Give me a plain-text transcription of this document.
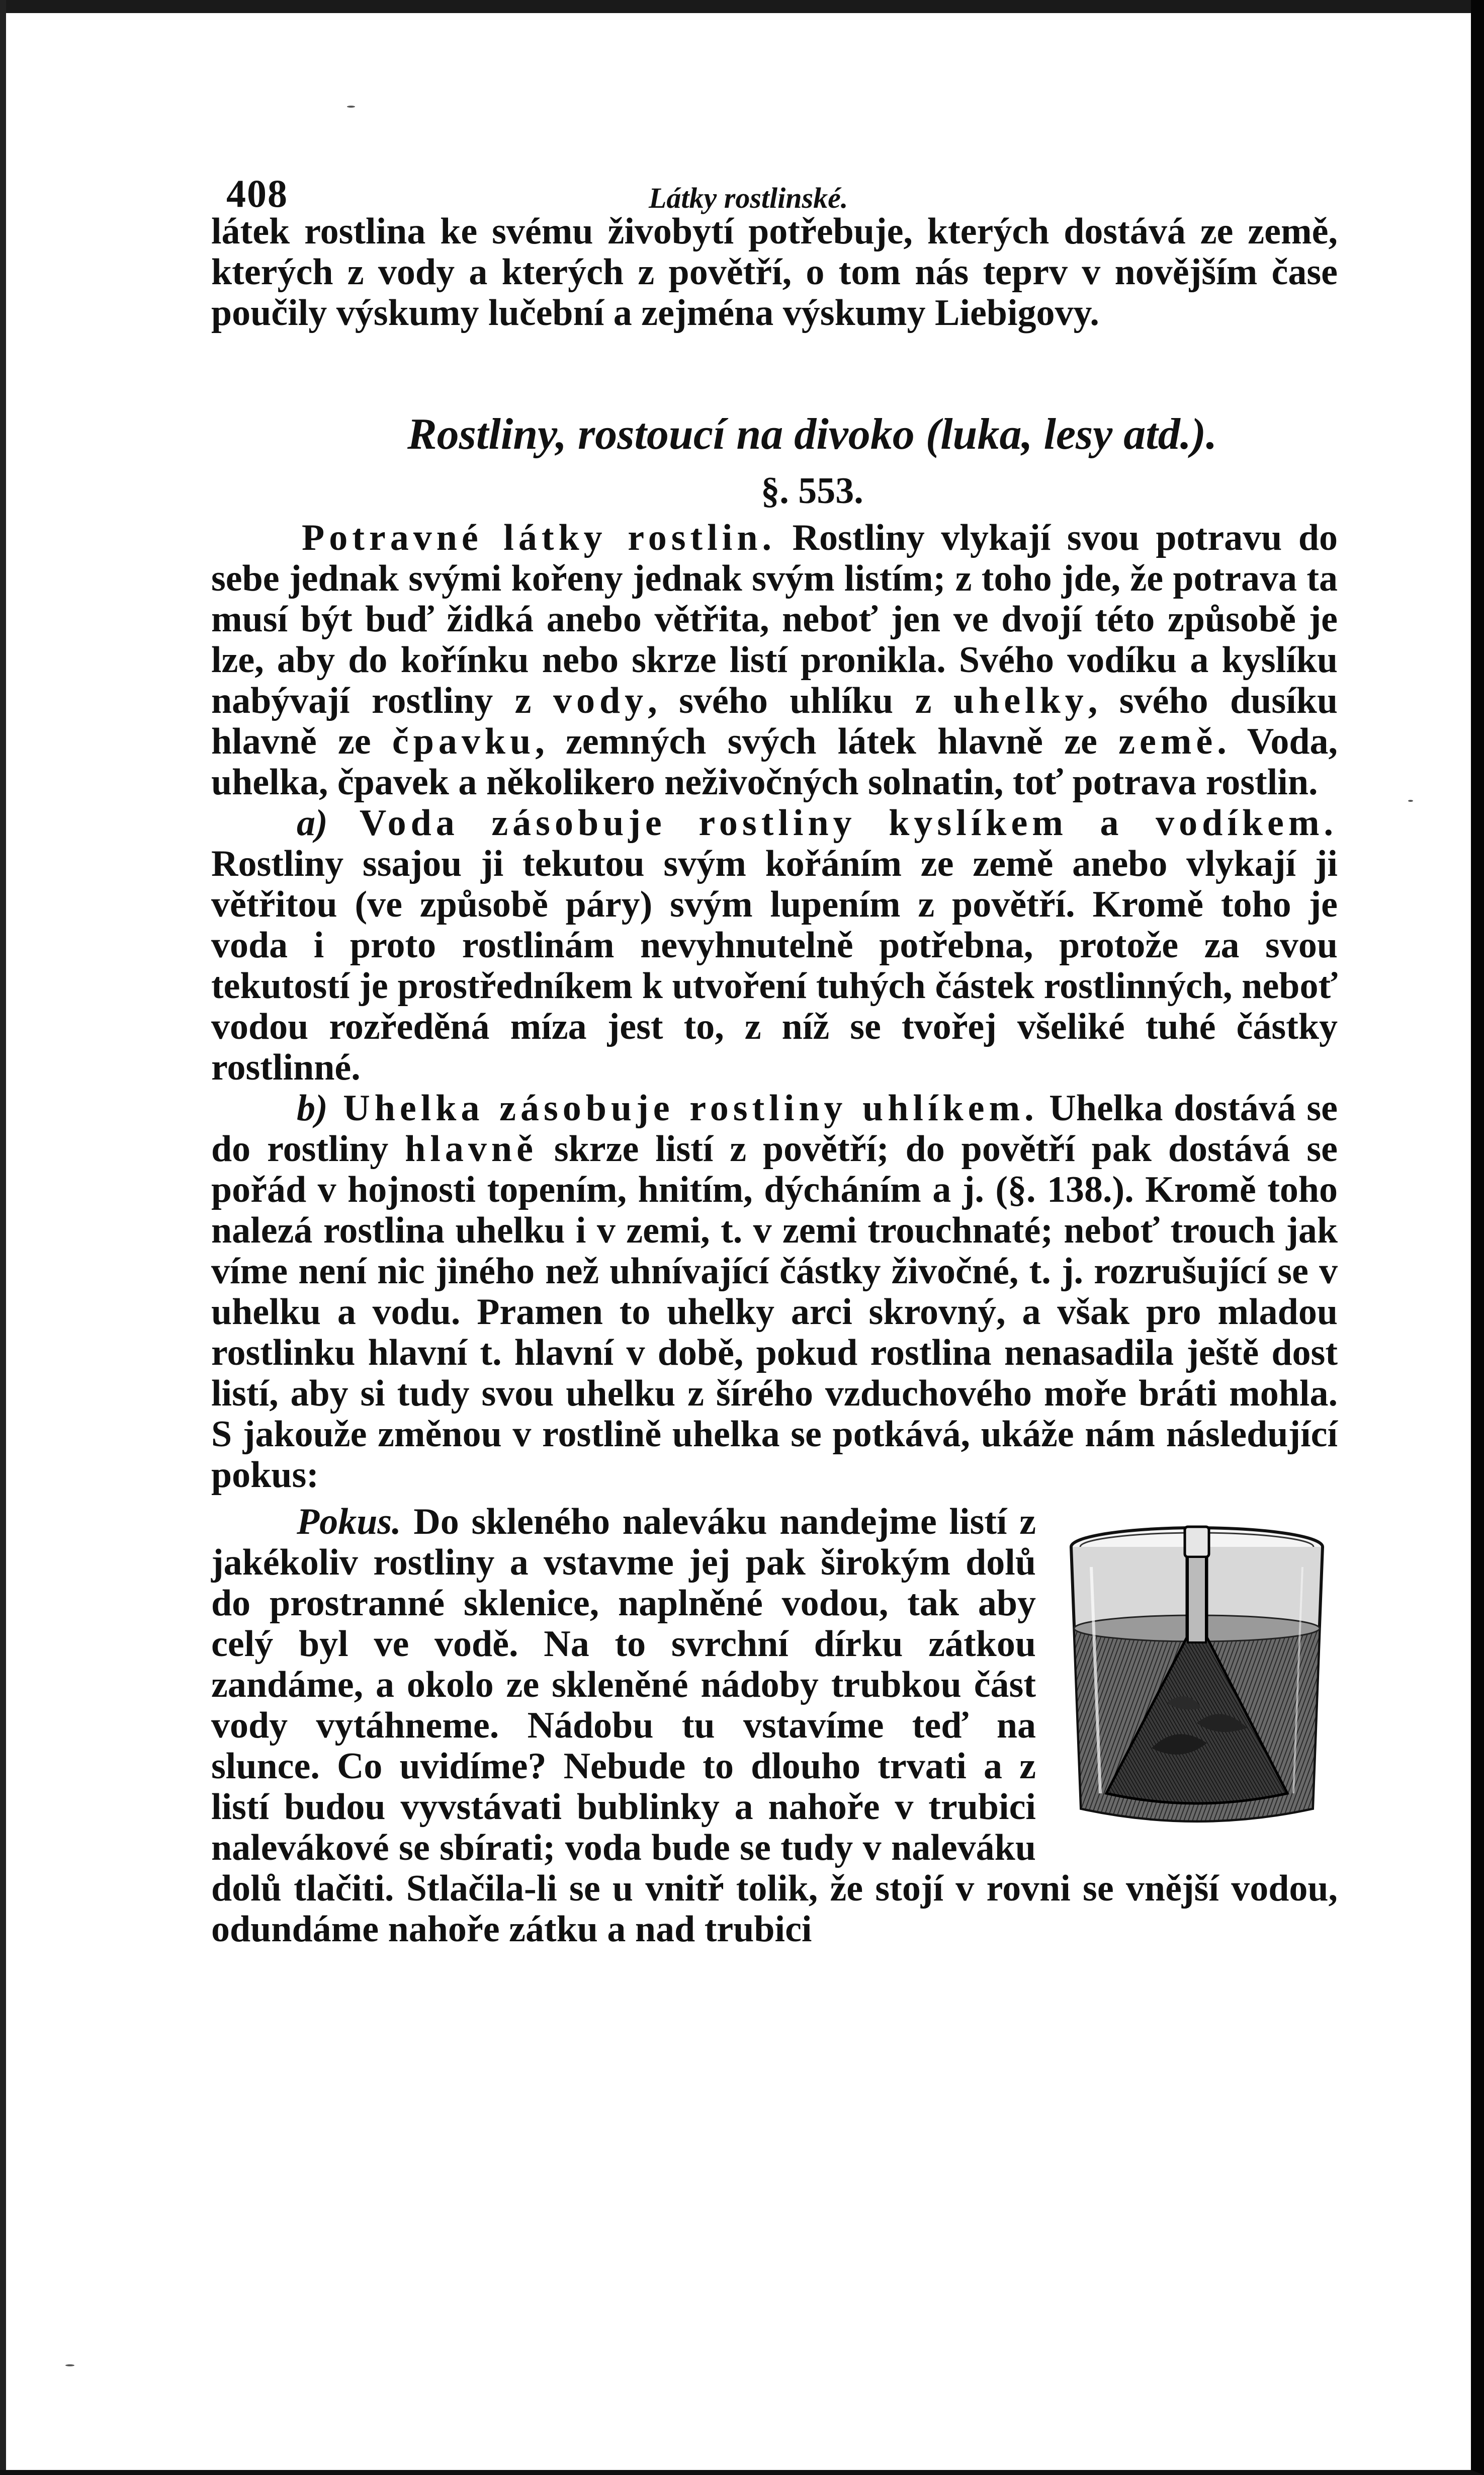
408	Látky rostlinské.

látek rostlina ke svému živobytí potřebuje, kterých dostává ze země, kterých z vody a kterých z povětří, o tom nás teprv v novějším čase poučily výskumy lučební a zejména výskumy Liebigovy.

Rostliny, rostoucí na divoko (luka, lesy atd.).
§. 553.

Potravné látky rostlin. Rostliny vlykají svou potravu do sebe jednak svými kořeny jednak svým listím; z toho jde, že potrava ta musí být buď židká anebo větřita, neboť jen ve dvojí této způsobě je lze, aby do kořínku nebo skrze listí pronikla. Svého vodíku a kyslíku nabývají rostliny z vody, svého uhlíku z uhelky, svého dusíku hlavně ze čpavku, zemných svých látek hlavně ze země. Voda, uhelka, čpavek a několikero neživočných solnatin, toť potrava rostlin.

a) Voda zásobuje rostliny kyslíkem a vodíkem. Rostliny ssajou ji tekutou svým kořáním ze země anebo vlykají ji větřitou (ve způsobě páry) svým lupením z povětří. Kromě toho je voda i proto rostlinám nevyhnutelně potřebna, protože za svou tekutostí je prostředníkem k utvoření tuhých částek rostlinných, neboť vodou rozředěná míza jest to, z níž se tvořej všeliké tuhé částky rostlinné.

b) Uhelka zásobuje rostliny uhlíkem. Uhelka dostává se do rostliny hlavně skrze listí z povětří; do povětří pak dostává se pořád v hojnosti topením, hnitím, dýcháním a j. (§. 138.). Kromě toho nalezá rostlina uhelku i v zemi, t. v zemi trouchnaté; neboť trouch jak víme není nic jiného než uhnívající částky živočné, t. j. rozrušující se v uhelku a vodu. Pramen to uhelky arci skrovný, a však pro mladou rostlinku hlavní t. hlavní v době, pokud rostlina nenasadila ještě dost listí, aby si tudy svou uhelku z šírého vzduchového moře bráti mohla. S jakouže změnou v rostlině uhelka se potkává, ukáže nám následující pokus:

Pokus. Do skleného naleváku nandejme listí z jakékoliv rostliny a vstavme jej pak širokým dolů do prostranné sklenice, naplněné vodou, tak aby celý byl ve vodě. Na to svrchní dírku zátkou zandáme, a okolo ze skleněné nádoby trubkou část vody vytáhneme. Nádobu tu vstavíme teď na slunce. Co uvidíme? Nebude to dlouho trvati a z listí budou vyvstávati bublinky a nahoře v trubici nalevákové se sbírati; voda bude se tudy v naleváku dolů tlačiti. Stlačila-li se u vnitř tolik, že stojí v rovni se vnější vodou, odundáme nahoře zátku a nad trubici
